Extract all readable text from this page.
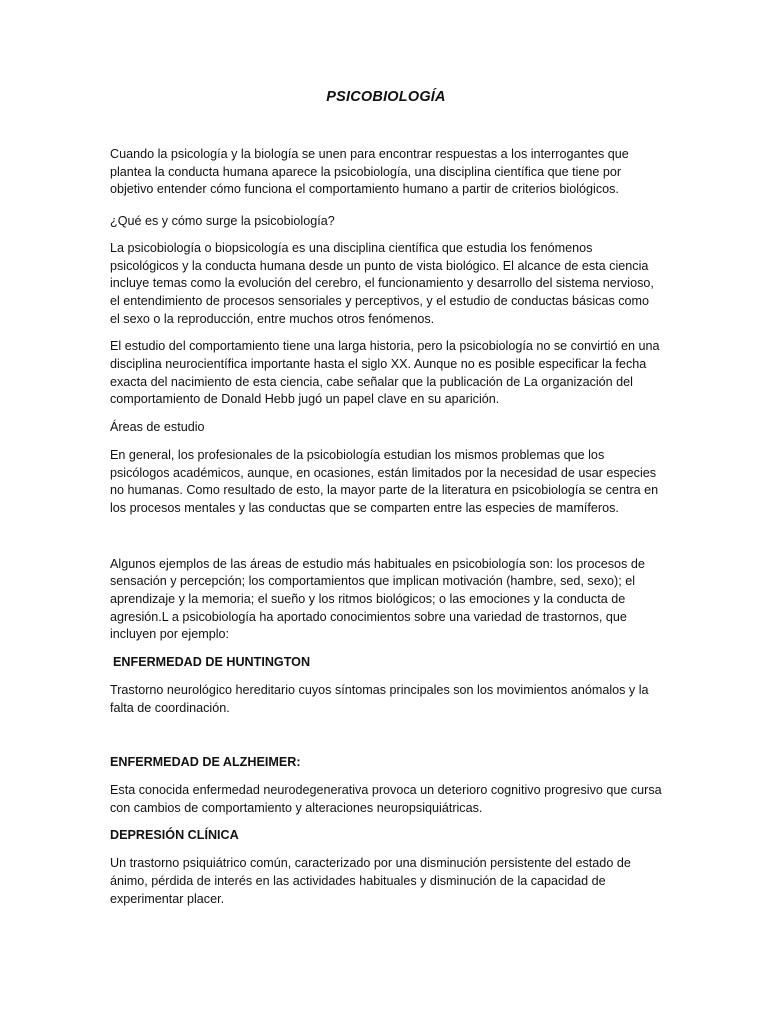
PSICOBIOLOGÍA

Cuando la psicología y la biología se unen para encontrar respuestas a los interrogantes que plantea la conducta humana aparece la psicobiología, una disciplina científica que tiene por objetivo entender cómo funciona el comportamiento humano a partir de criterios biológicos.

¿Qué es y cómo surge la psicobiología?

La psicobiología o biopsicología es una disciplina científica que estudia los fenómenos psicológicos y la conducta humana desde un punto de vista biológico. El alcance de esta ciencia incluye temas como la evolución del cerebro, el funcionamiento y desarrollo del sistema nervioso, el entendimiento de procesos sensoriales y perceptivos, y el estudio de conductas básicas como el sexo o la reproducción, entre muchos otros fenómenos.

El estudio del comportamiento tiene una larga historia, pero la psicobiología no se convirtió en una disciplina neurocientífica importante hasta el siglo XX. Aunque no es posible especificar la fecha exacta del nacimiento de esta ciencia, cabe señalar que la publicación de La organización del comportamiento de Donald Hebb jugó un papel clave en su aparición.

Áreas de estudio

En general, los profesionales de la psicobiología estudian los mismos problemas que los psicólogos académicos, aunque, en ocasiones, están limitados por la necesidad de usar especies no humanas. Como resultado de esto, la mayor parte de la literatura en psicobiología se centra en los procesos mentales y las conductas que se comparten entre las especies de mamíferos.

Algunos ejemplos de las áreas de estudio más habituales en psicobiología son: los procesos de sensación y percepción; los comportamientos que implican motivación (hambre, sed, sexo); el aprendizaje y la memoria; el sueño y los ritmos biológicos; o las emociones y la conducta de agresión.L a psicobiología ha aportado conocimientos sobre una variedad de trastornos, que incluyen por ejemplo:

ENFERMEDAD DE HUNTINGTON

Trastorno neurológico hereditario cuyos síntomas principales son los movimientos anómalos y la falta de coordinación.

ENFERMEDAD DE ALZHEIMER:

Esta conocida enfermedad neurodegenerativa provoca un deterioro cognitivo progresivo que cursa con cambios de comportamiento y alteraciones neuropsiquiátricas.

DEPRESIÓN CLÍNICA

Un trastorno psiquiátrico común, caracterizado por una disminución persistente del estado de ánimo, pérdida de interés en las actividades habituales y disminución de la capacidad de experimentar placer.
